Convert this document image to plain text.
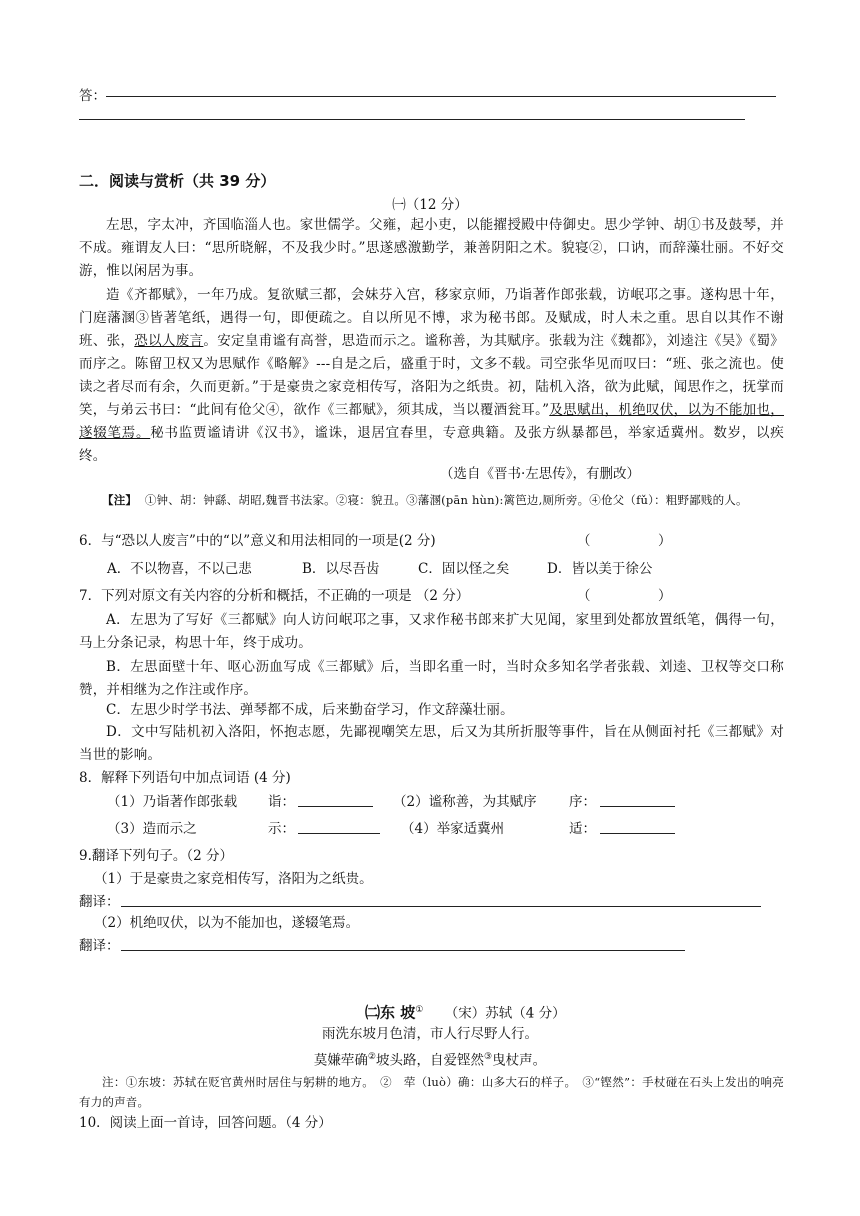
答：
二．阅读与赏析（共 39 分）
㈠（12 分）
左思，字太冲，齐国临淄人也。家世儒学。父雍，起小吏，以能擢授殿中侍御史。思少学钟、胡①书及鼓琴，并不成。雍谓友人曰：“思所晓解，不及我少时。”思遂感激勤学，兼善阴阳之术。貌寝②，口讷，而辞藻壮丽。不好交游，惟以闲居为事。
造《齐都赋》，一年乃成。复欲赋三都，会妹芬入宫，移家京师，乃诣著作郎张载，访岷邛之事。遂构思十年，门庭藩溷③皆著笔纸，遇得一句，即便疏之。自以所见不博，求为秘书郎。及赋成，时人未之重。思自以其作不谢班、张，恐以人废言。安定皇甫谧有高誉，思造而示之。谧称善，为其赋序。张载为注《魏都》，刘逵注《吴》《蜀》而序之。陈留卫权又为思赋作《略解》---自是之后，盛重于时，文多不载。司空张华见而叹曰：“班、张之流也。使读之者尽而有余，久而更新。”于是豪贵之家竞相传写，洛阳为之纸贵。初，陆机入洛，欲为此赋，闻思作之，抚掌而笑，与弟云书曰：“此间有伧父④，欲作《三都赋》，须其成，当以覆酒瓮耳。”及思赋出，机绝叹伏，以为不能加也，遂辍笔焉。秘书监贾谧请讲《汉书》，谧诛，退居宜春里，专意典籍。及张方纵暴都邑，举家适冀州。数岁，以疾终。
（选自《晋书·左思传》，有删改）
【注】 ①钟、胡：钟繇、胡昭,魏晋书法家。②寝：貌丑。③藩溷(pān hùn):篱笆边,厕所旁。④伧父（fǔ）：粗野鄙贱的人。
6．与“恐以人废言”中的“以”意义和用法相同的一项是(2 分)	（　　　　　）
A．不以物喜，不以己悲	B．以尽吾齿	C．固以怪之矣	D．皆以美于徐公
7．下列对原文有关内容的分析和概括，不正确的一项是 （2 分）	（　　　　　）
A．左思为了写好《三都赋》向人访问岷邛之事，又求作秘书郎来扩大见闻，家里到处都放置纸笔，偶得一句，马上分条记录，构思十年，终于成功。
B．左思面壁十年、呕心沥血写成《三都赋》后，当即名重一时，当时众多知名学者张载、刘逵、卫权等交口称赞，并相继为之作注或作序。
C．左思少时学书法、弹琴都不成，后来勤奋学习，作文辞藻壮丽。
D．文中写陆机初入洛阳，怀抱志愿，先鄙视嘲笑左思，后又为其所折服等事件，旨在从侧面衬托《三都赋》对当世的影响。
8．解释下列语句中加点词语 (4 分)
（1）乃诣著作郎张载 诣：	（2）谧称善，为其赋序 序：
（3）造而示之	示：	（4）举家适冀州	适：
9.翻译下列句子。（2 分）
（1）于是豪贵之家竞相传写，洛阳为之纸贵。
翻译：
（2）机绝叹伏，以为不能加也，遂辍笔焉。
翻译：
㈡东 坡① （宋）苏轼（4 分）
雨洗东坡月色清，市人行尽野人行。
莫嫌荦确②坡头路，自爱铿然③曳杖声。
注：①东坡：苏轼在贬官黄州时居住与躬耕的地方。　②　荦（luò）确：山多大石的样子。　③“铿然”：手杖碰在石头上发出的响亮有力的声音。
10．阅读上面一首诗，回答问题。（4 分）
